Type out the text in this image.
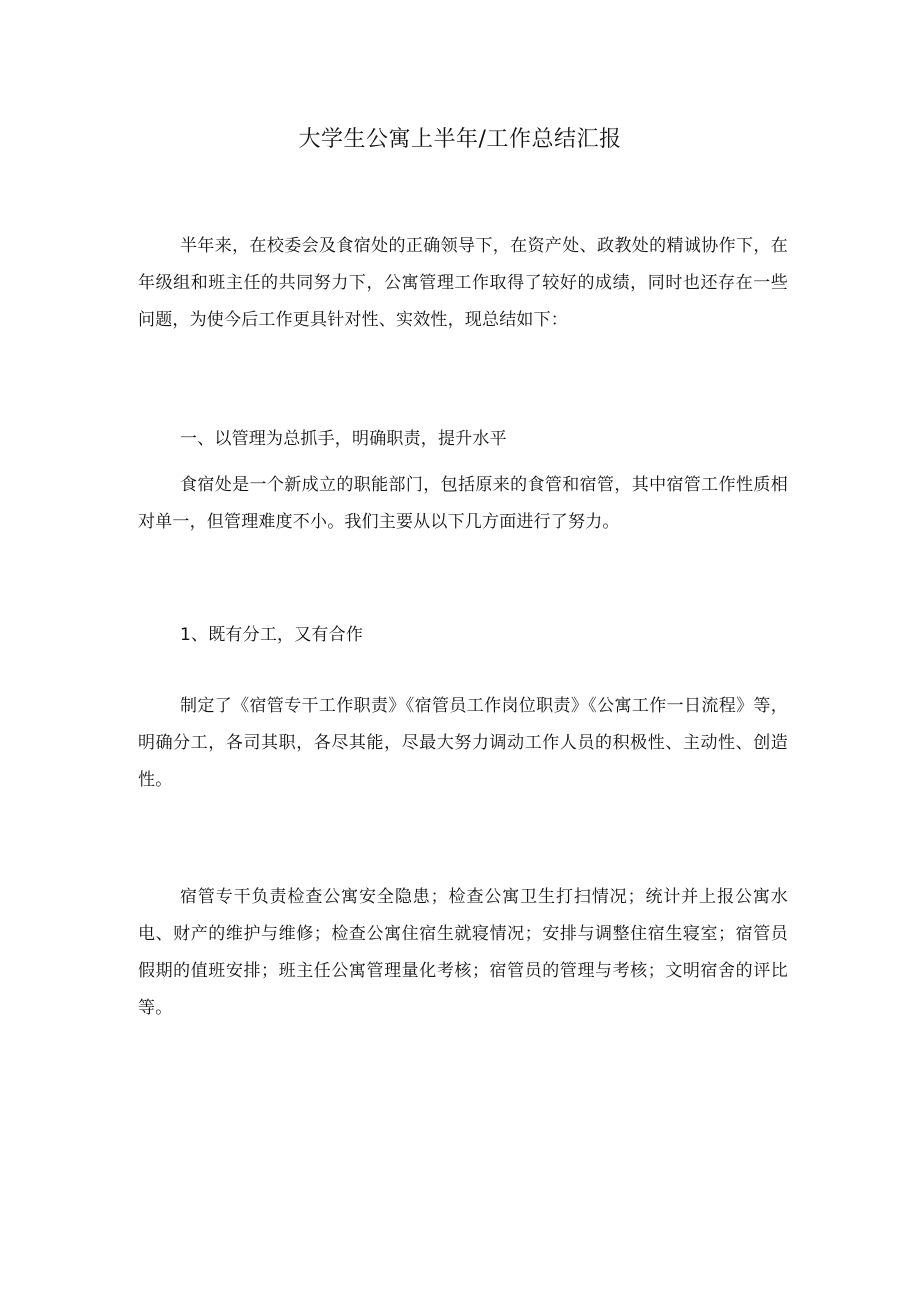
大学生公寓上半年/工作总结汇报

半年来，在校委会及食宿处的正确领导下，在资产处、政教处的精诚协作下，在年级组和班主任的共同努力下，公寓管理工作取得了较好的成绩，同时也还存在一些问题，为使今后工作更具针对性、实效性，现总结如下：

一、以管理为总抓手，明确职责，提升水平

食宿处是一个新成立的职能部门，包括原来的食管和宿管，其中宿管工作性质相对单一，但管理难度不小。我们主要从以下几方面进行了努力。

1、既有分工，又有合作

制定了《宿管专干工作职责》《宿管员工作岗位职责》《公寓工作一日流程》等，明确分工，各司其职，各尽其能，尽最大努力调动工作人员的积极性、主动性、创造性。

宿管专干负责检查公寓安全隐患；检查公寓卫生打扫情况；统计并上报公寓水电、财产的维护与维修；检查公寓住宿生就寝情况；安排与调整住宿生寝室；宿管员假期的值班安排；班主任公寓管理量化考核；宿管员的管理与考核；文明宿舍的评比等。
